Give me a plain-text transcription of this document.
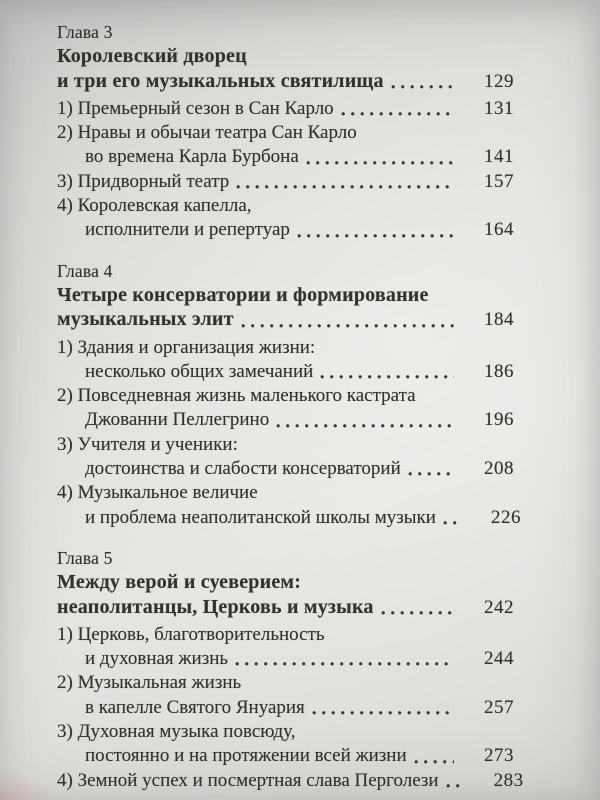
Глава 3
Королевский дворец
и три его музыкальных святилища	129
1) Премьерный сезон в Сан Карло	131
2) Нравы и обычаи театра Сан Карло
во времена Карла Бурбона	141
3) Придворный театр	157
4) Королевская капелла,
исполнители и репертуар	164
Глава 4
Четыре консерватории и формирование
музыкальных элит	184
1) Здания и организация жизни:
несколько общих замечаний	186
2) Повседневная жизнь маленького кастрата
Джованни Пеллегрино	196
3) Учителя и ученики:
достоинства и слабости консерваторий	208
4) Музыкальное величие
и проблема неаполитанской школы музыки	226
Глава 5
Между верой и суеверием:
неаполитанцы, Церковь и музыка	242
1) Церковь, благотворительность
и духовная жизнь	244
2) Музыкальная жизнь
в капелле Святого Януария	257
3) Духовная музыка повсюду,
постоянно и на протяжении всей жизни	273
4) Земной успех и посмертная слава Перголези	283
